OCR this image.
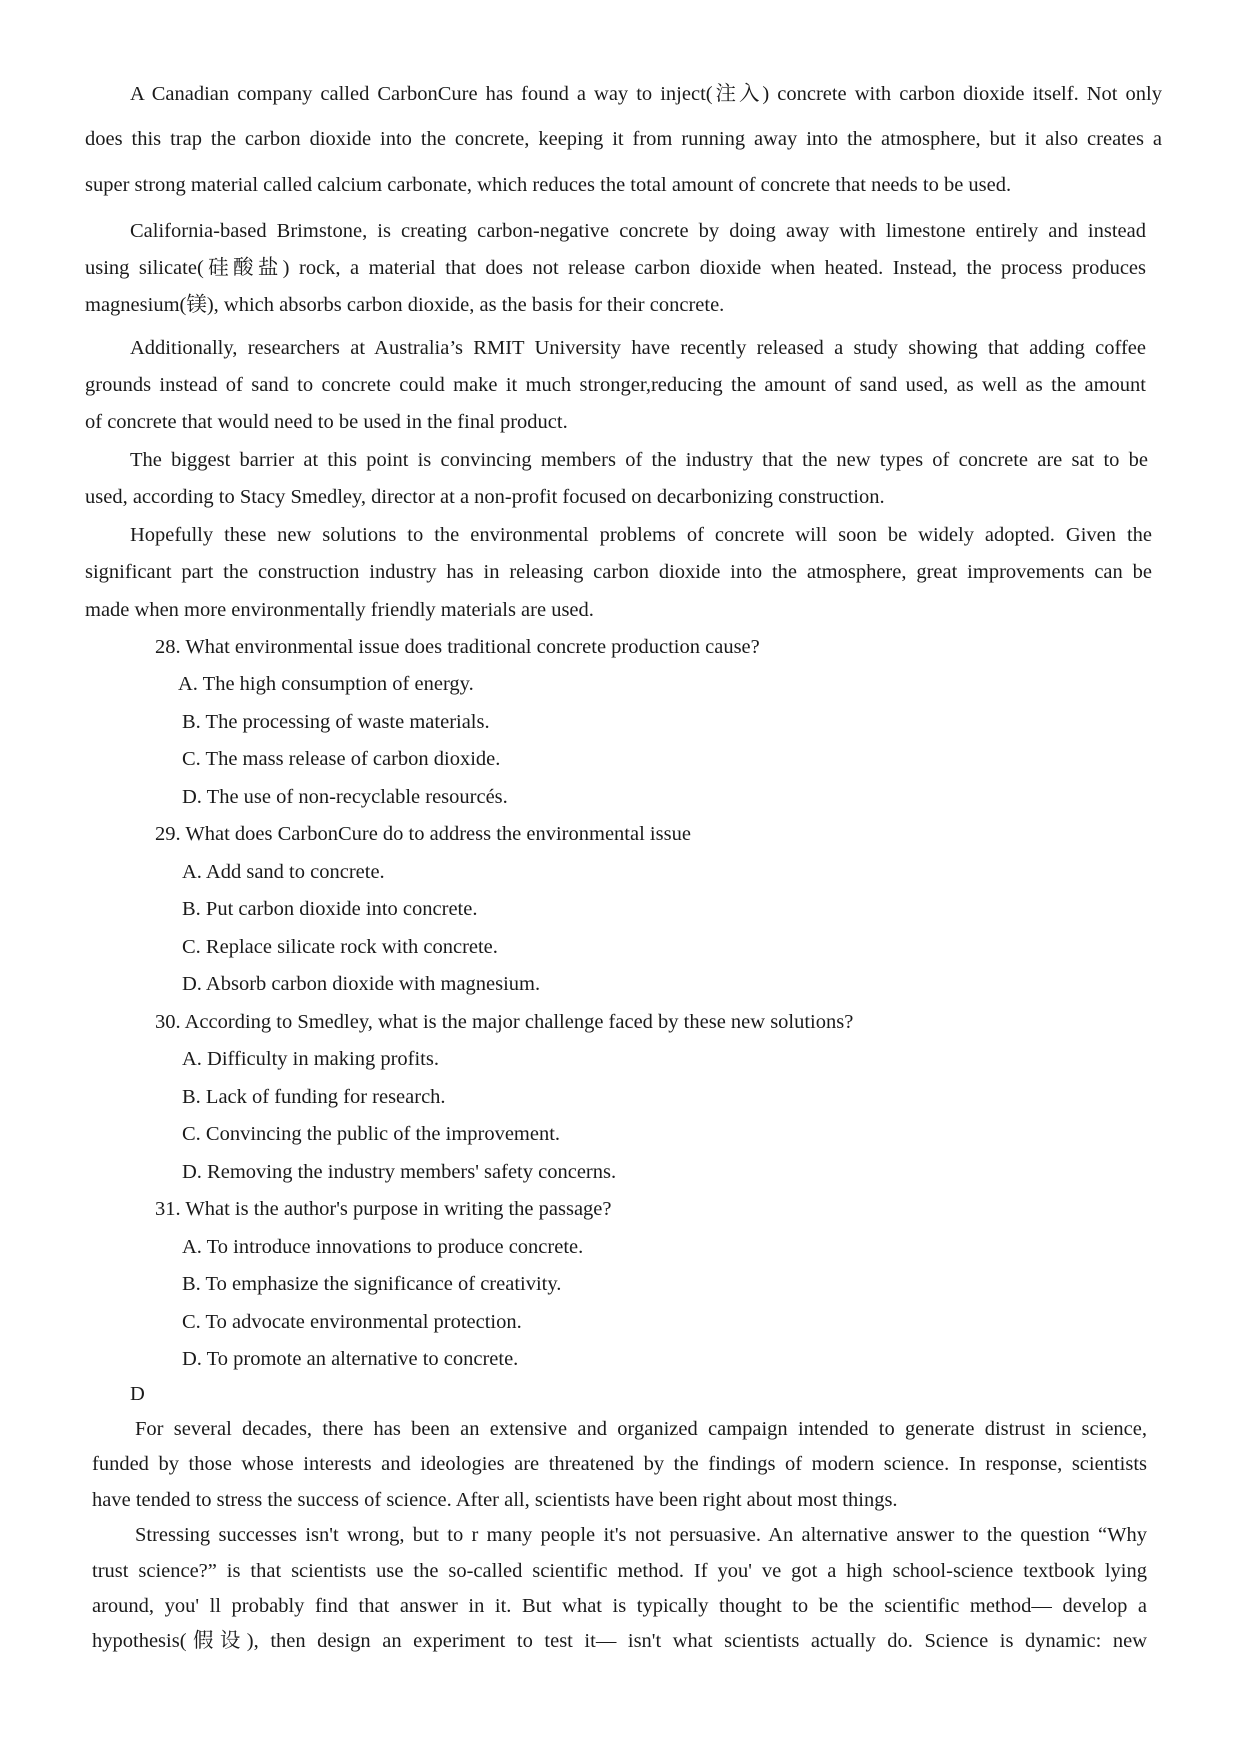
A Canadian company called CarbonCure has found a way to inject(注入) concrete with carbon dioxide itself. Not only
does this trap the carbon dioxide into the concrete, keeping it from running away into the atmosphere, but it also creates a
super strong material called calcium carbonate, which reduces the total amount of concrete that needs to be used.
California-based Brimstone, is creating carbon-negative concrete by doing away with limestone entirely and instead
using silicate(硅酸盐) rock, a material that does not release carbon dioxide when heated. Instead, the process produces
magnesium(镁), which absorbs carbon dioxide, as the basis for their concrete.
Additionally, researchers at Australia’s RMIT University have recently released a study showing that adding coffee
grounds instead of sand to concrete could make it much stronger,reducing the amount of sand used, as well as the amount
of concrete that would need to be used in the final product.
The biggest barrier at this point is convincing members of the industry that the new types of concrete are sat to be
used, according to Stacy Smedley, director at a non-profit focused on decarbonizing construction.
Hopefully these new solutions to the environmental problems of concrete will soon be widely adopted. Given the
significant part the construction industry has in releasing carbon dioxide into the atmosphere, great improvements can be
made when more environmentally friendly materials are used.
28. What environmental issue does traditional concrete production cause?
A. The high consumption of energy.
B. The processing of waste materials.
C. The mass release of carbon dioxide.
D. The use of non-recyclable resourcés.
29. What does CarbonCure do to address the environmental issue
A. Add sand to concrete.
B. Put carbon dioxide into concrete.
C. Replace silicate rock with concrete.
D. Absorb carbon dioxide with magnesium.
30. According to Smedley, what is the major challenge faced by these new solutions?
A. Difficulty in making profits.
B. Lack of funding for research.
C. Convincing the public of the improvement.
D. Removing the industry members' safety concerns.
31. What is the author's purpose in writing the passage?
A. To introduce innovations to produce concrete.
B. To emphasize the significance of creativity.
C. To advocate environmental protection.
D. To promote an alternative to concrete.
D
For several decades, there has been an extensive and organized campaign intended to generate distrust in science,
funded by those whose interests and ideologies are threatened by the findings of modern science. In response, scientists
have tended to stress the success of science. After all, scientists have been right about most things.
Stressing successes isn't wrong, but to r many people it's not persuasive. An alternative answer to the question “Why
trust science?” is that scientists use the so-called scientific method. If you' ve got a high school-science textbook lying
around, you' ll probably find that answer in it. But what is typically thought to be the scientific method— develop a
hypothesis(假设), then design an experiment to test it— isn't what scientists actually do. Science is dynamic: new
